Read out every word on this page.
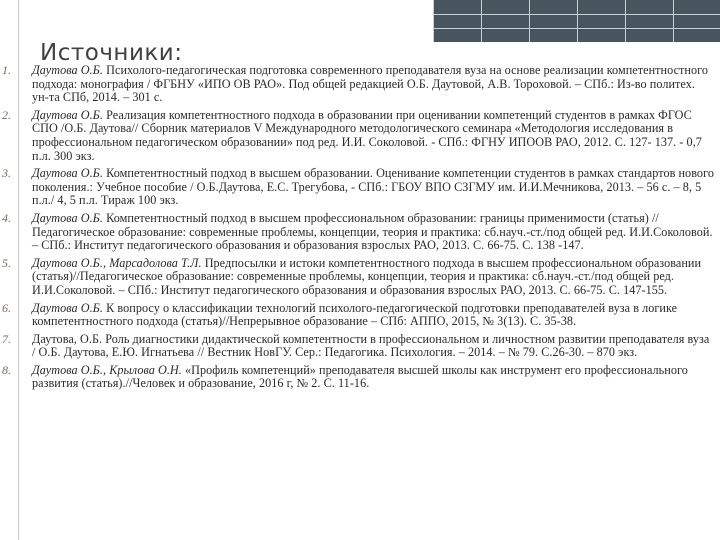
Источники:
1. Даутова О.Б. Психолого-педагогическая подготовка современного преподавателя вуза на основе реализации компетентностного подхода: монография / ФГБНУ «ИПО ОВ РАО». Под общей редакцией О.Б. Даутовой, А.В. Тороховой. – СПб.: Из-во политех. ун-та СПб, 2014. – 301 с.
2. Даутова О.Б. Реализация компетентностного подхода в образовании при оценивании компетенций студентов в рамках ФГОС СПО /О.Б. Даутова// Сборник материалов V Международного методологического семинара «Методология исследования в профессиональном педагогическом образовании» под ред. И.И. Соколовой. - СПб.: ФГНУ ИПООВ РАО, 2012. С. 127- 137. - 0,7 п.л. 300 экз.
3. Даутова О.Б. Компетентностный подход в высшем образовании. Оценивание компетенции студентов в рамках стандартов нового поколения.: Учебное пособие / О.Б.Даутова, Е.С. Трегубова, - СПб.: ГБОУ ВПО СЗГМУ им. И.И.Мечникова, 2013. – 56 с. – 8, 5 п.л./ 4, 5 п.л. Тираж 100 экз.
4. Даутова О.Б. Компетентностный подход в высшем профессиональном образовании: границы применимости (статья) //Педагогическое образование: современные проблемы, концепции, теория и практика: сб.науч.-ст./под общей ред. И.И.Соколовой. – СПб.: Институт педагогического образования и образования взрослых РАО, 2013. С. 66-75. С. 138 -147.
5. Даутова О.Б., Марсадолова Т.Л. Предпосылки и истоки компетентностного подхода в высшем профессиональном образовании (статья)//Педагогическое образование: современные проблемы, концепции, теория и практика: сб.науч.-ст./под общей ред. И.И.Соколовой. – СПб.: Институт педагогического образования и образования взрослых РАО, 2013. С. 66-75. С. 147-155.
6. Даутова О.Б. К вопросу о классификации технологий психолого-педагогической подготовки преподавателей вуза в логике компетентностного подхода (статья)//Непрерывное образование – СПб: АППО, 2015, № 3(13). С. 35-38.
7. Даутова, О.Б. Роль диагностики дидактической компетентности в профессиональном и личностном развитии преподавателя вуза / О.Б. Даутова, Е.Ю. Игнатьева // Вестник НовГУ. Сер.: Педагогика. Психология. – 2014. – № 79. С.26-30. – 870 экз.
8. Даутова О.Б., Крылова О.Н. «Профиль компетенций» преподавателя высшей школы как инструмент его профессионального развития (статья).//Человек и образование, 2016 г, № 2. С. 11-16.
